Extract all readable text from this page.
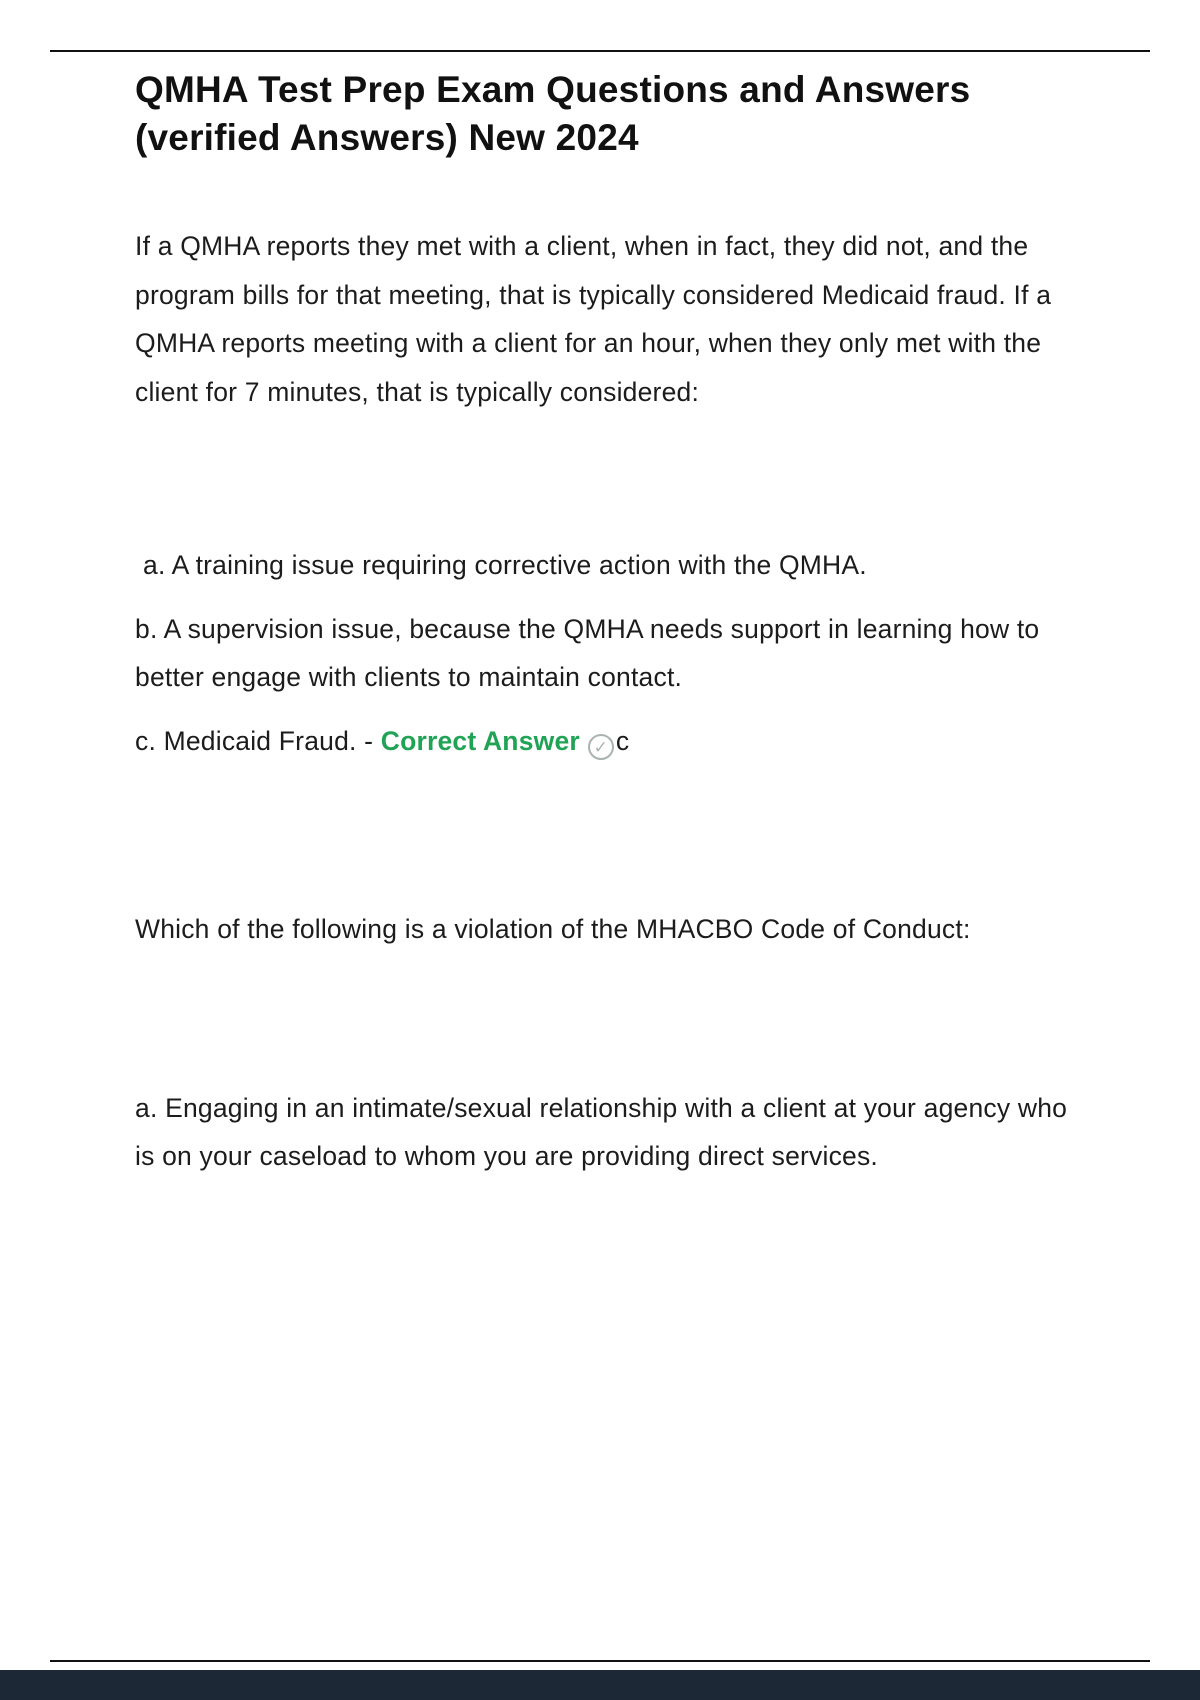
QMHA Test Prep Exam Questions and Answers (verified Answers) New 2024

If a QMHA reports they met with a client, when in fact, they did not, and the program bills for that meeting, that is typically considered Medicaid fraud. If a QMHA reports meeting with a client for an hour, when they only met with the client for 7 minutes, that is typically considered:

a. A training issue requiring corrective action with the QMHA.

b. A supervision issue, because the QMHA needs support in learning how to better engage with clients to maintain contact.

c. Medicaid Fraud. - Correct Answer ✓ c

Which of the following is a violation of the MHACBO Code of Conduct:

a. Engaging in an intimate/sexual relationship with a client at your agency who is on your caseload to whom you are providing direct services.
